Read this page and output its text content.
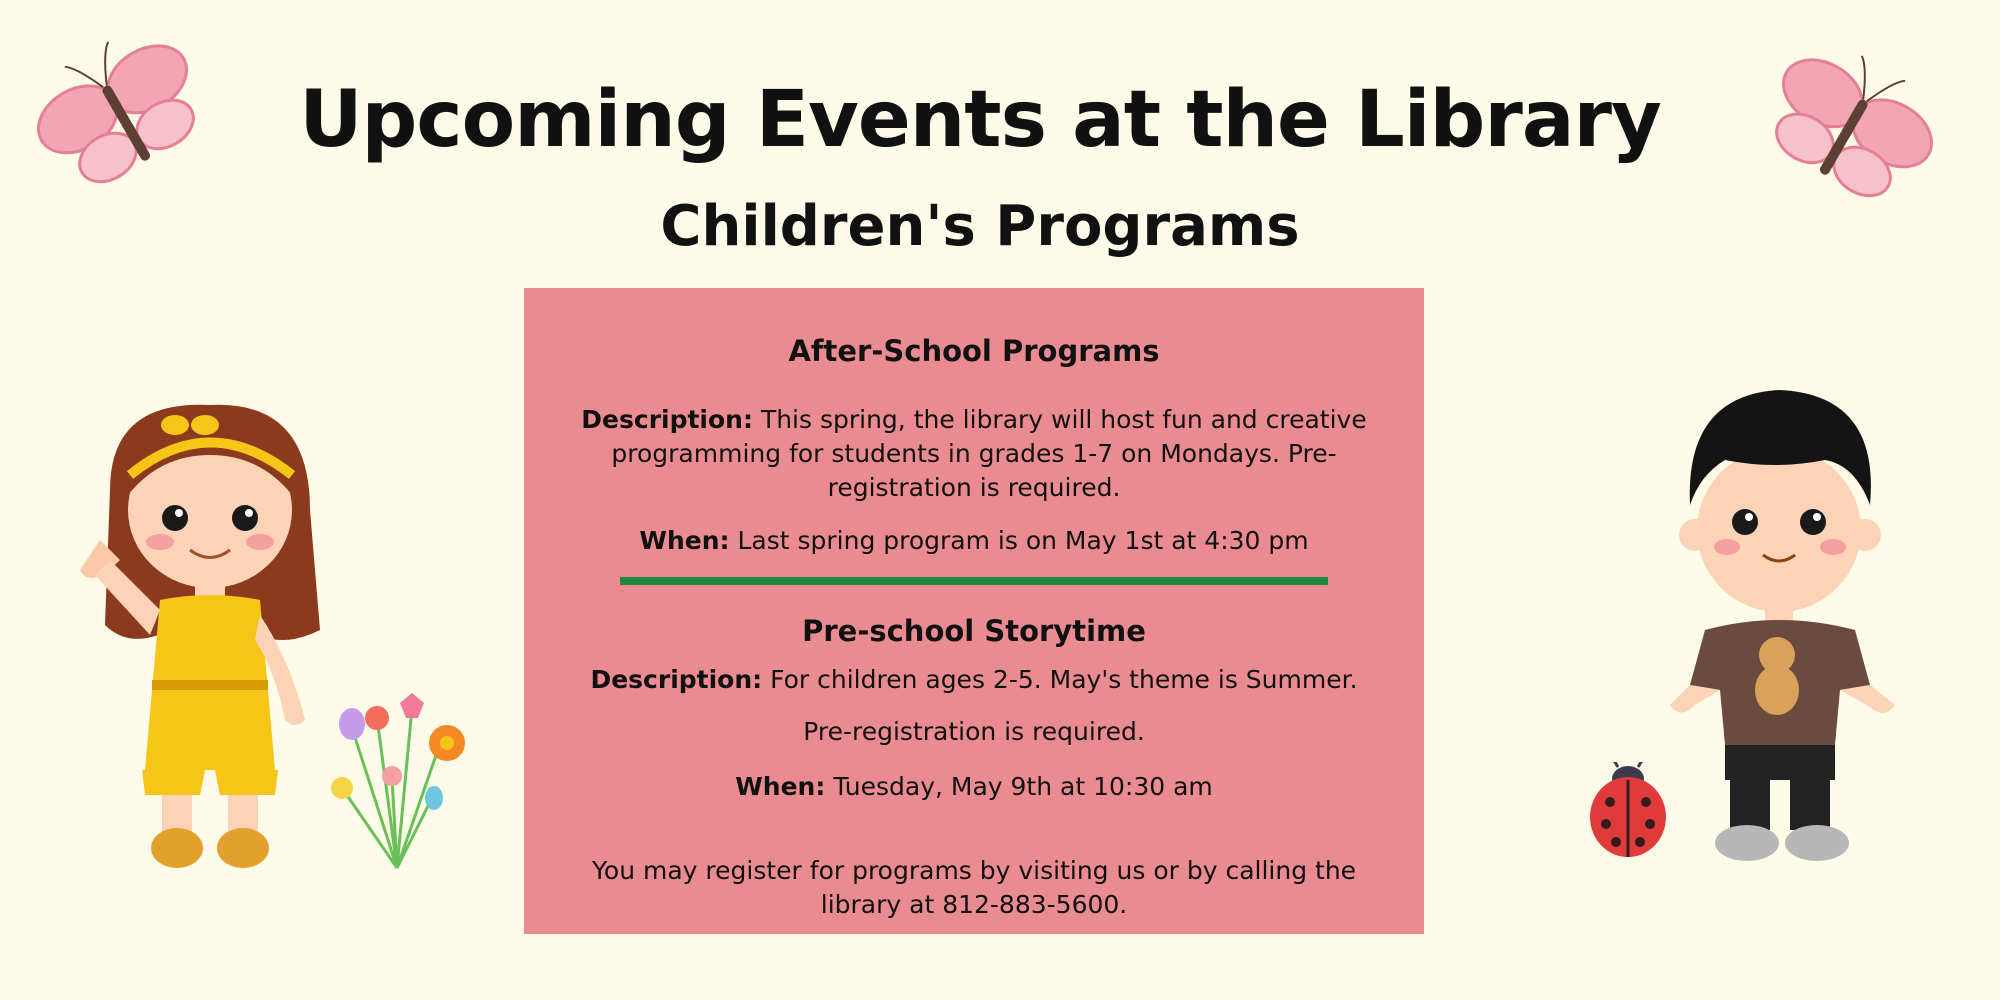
Upcoming Events at the Library
Children's Programs
After-School Programs

Description: This spring, the library will host fun and creative programming for students in grades 1-7 on Mondays. Pre-registration is required.

When: Last spring program is on May 1st at 4:30 pm

Pre-school Storytime

Description: For children ages 2-5. May's theme is Summer.

Pre-registration is required.

When: Tuesday, May 9th at 10:30 am

You may register for programs by visiting us or by calling the library at 812-883-5600.
